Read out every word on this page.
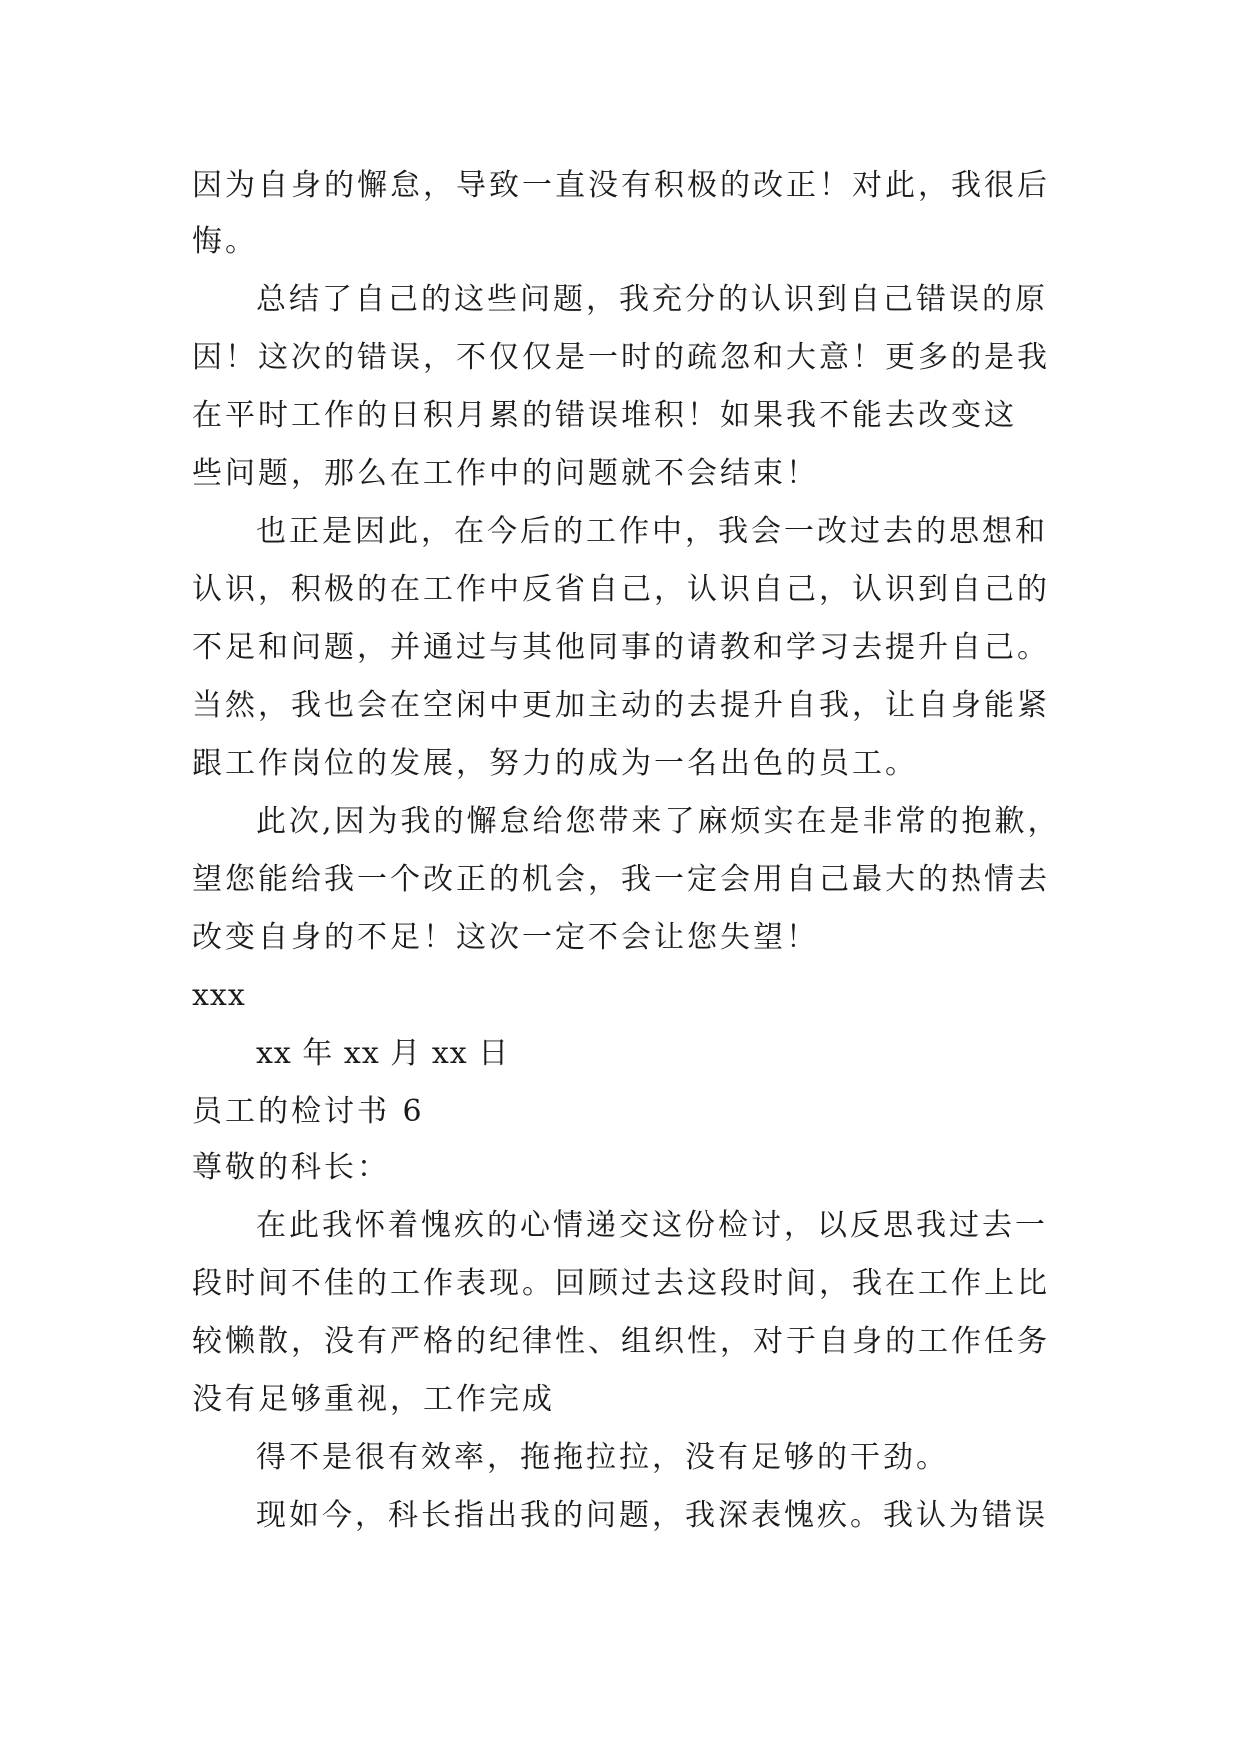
因为自身的懈怠，导致一直没有积极的改正！对此，我很后
悔。
总结了自己的这些问题，我充分的认识到自己错误的原
因！这次的错误，不仅仅是一时的疏忽和大意！更多的是我
在平时工作的日积月累的错误堆积！如果我不能去改变这
些问题，那么在工作中的问题就不会结束！
也正是因此，在今后的工作中，我会一改过去的思想和
认识，积极的在工作中反省自己，认识自己，认识到自己的
不足和问题，并通过与其他同事的请教和学习去提升自己。
当然，我也会在空闲中更加主动的去提升自我，让自身能紧
跟工作岗位的发展，努力的成为一名出色的员工。
此次,因为我的懈怠给您带来了麻烦实在是非常的抱歉，
望您能给我一个改正的机会，我一定会用自己最大的热情去
改变自身的不足！这次一定不会让您失望！
xxx
xx 年 xx 月 xx 日
员工的检讨书 6
尊敬的科长：
在此我怀着愧疚的心情递交这份检讨，以反思我过去一
段时间不佳的工作表现。回顾过去这段时间，我在工作上比
较懒散，没有严格的纪律性、组织性，对于自身的工作任务
没有足够重视，工作完成
得不是很有效率，拖拖拉拉，没有足够的干劲。
现如今，科长指出我的问题，我深表愧疚。我认为错误
